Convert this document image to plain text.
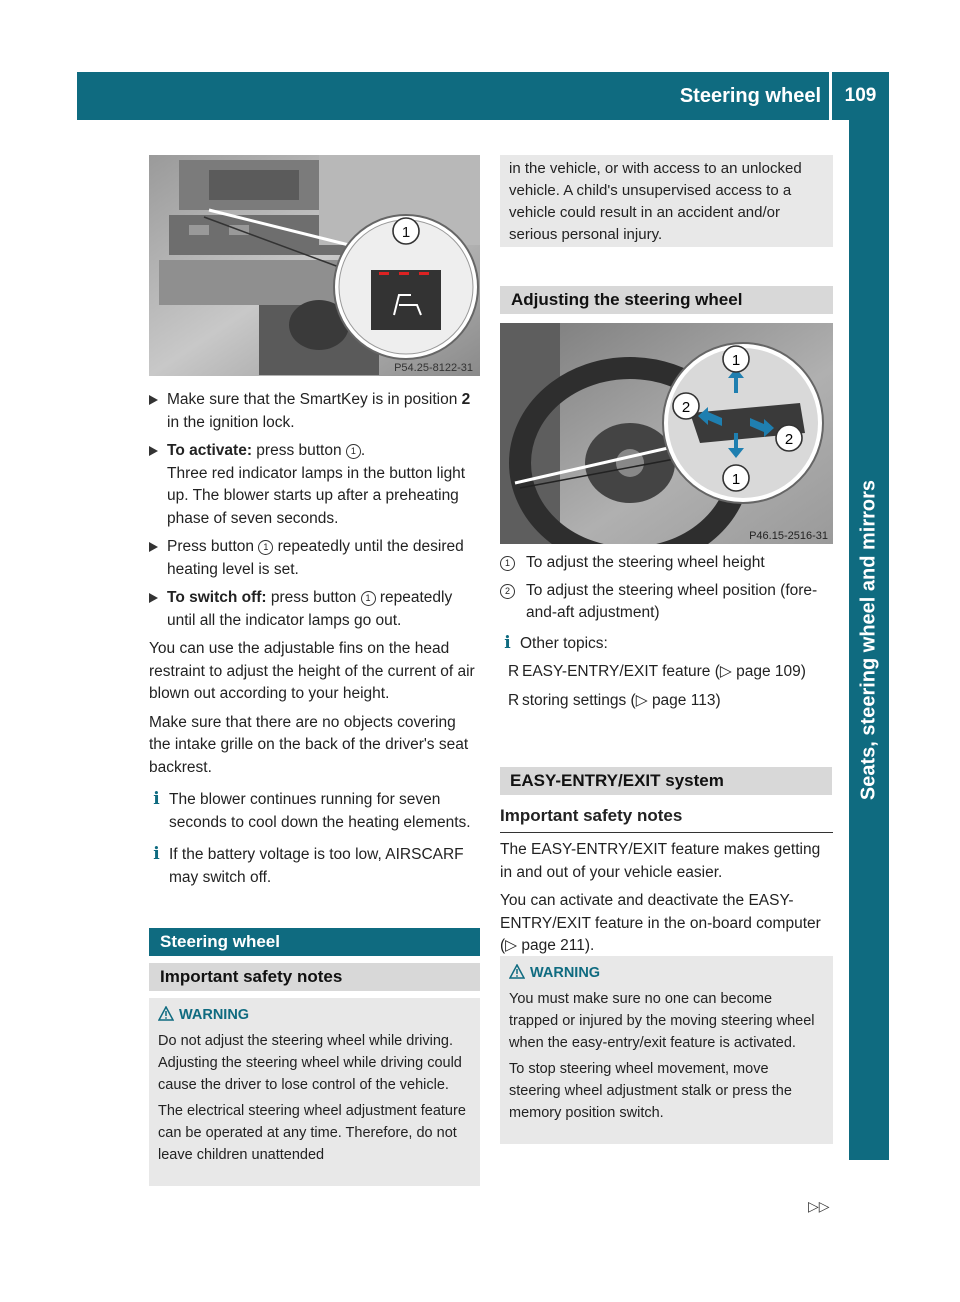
Steering wheel	109
Seats, steering wheel and mirrors
1
P54.25-8122-31
Make sure that the SmartKey is in position 2 in the ignition lock.
To activate: press button 1 .
Three red indicator lamps in the button light up. The blower starts up after a preheating phase of seven seconds.
Press button 1 repeatedly until the desired heating level is set.
To switch off: press button 1 repeatedly until all the indicator lamps go out.

You can use the adjustable fins on the head restraint to adjust the height of the current of air blown out according to your height.

Make sure that there are no objects covering the intake grille on the back of the driver's seat backrest.

i The blower continues running for seven seconds to cool down the heating elements.
i If the battery voltage is too low, AIRSCARF may switch off.
Steering wheel
Important safety notes
WARNING
Do not adjust the steering wheel while driving. Adjusting the steering wheel while driving could cause the driver to lose control of the vehicle.
The electrical steering wheel adjustment feature can be operated at any time. Therefore, do not leave children unattended
in the vehicle, or with access to an unlocked vehicle. A child's unsupervised access to a vehicle could result in an accident and/or serious personal injury.
Adjusting the steering wheel
1
2
2
1
P46.15-2516-31
1	To adjust the steering wheel height
2	To adjust the steering wheel position (fore-and-aft adjustment)
i Other topics:
R EASY-ENTRY/EXIT feature (▷ page 109)
R storing settings (▷ page 113)
EASY-ENTRY/EXIT system
Important safety notes

The EASY-ENTRY/EXIT feature makes getting in and out of your vehicle easier.

You can activate and deactivate the EASY-ENTRY/EXIT feature in the on-board computer (▷ page 211).

WARNING
You must make sure no one can become trapped or injured by the moving steering wheel when the easy-entry/exit feature is activated.
To stop steering wheel movement, move steering wheel adjustment stalk or press the memory position switch.
▷▷
